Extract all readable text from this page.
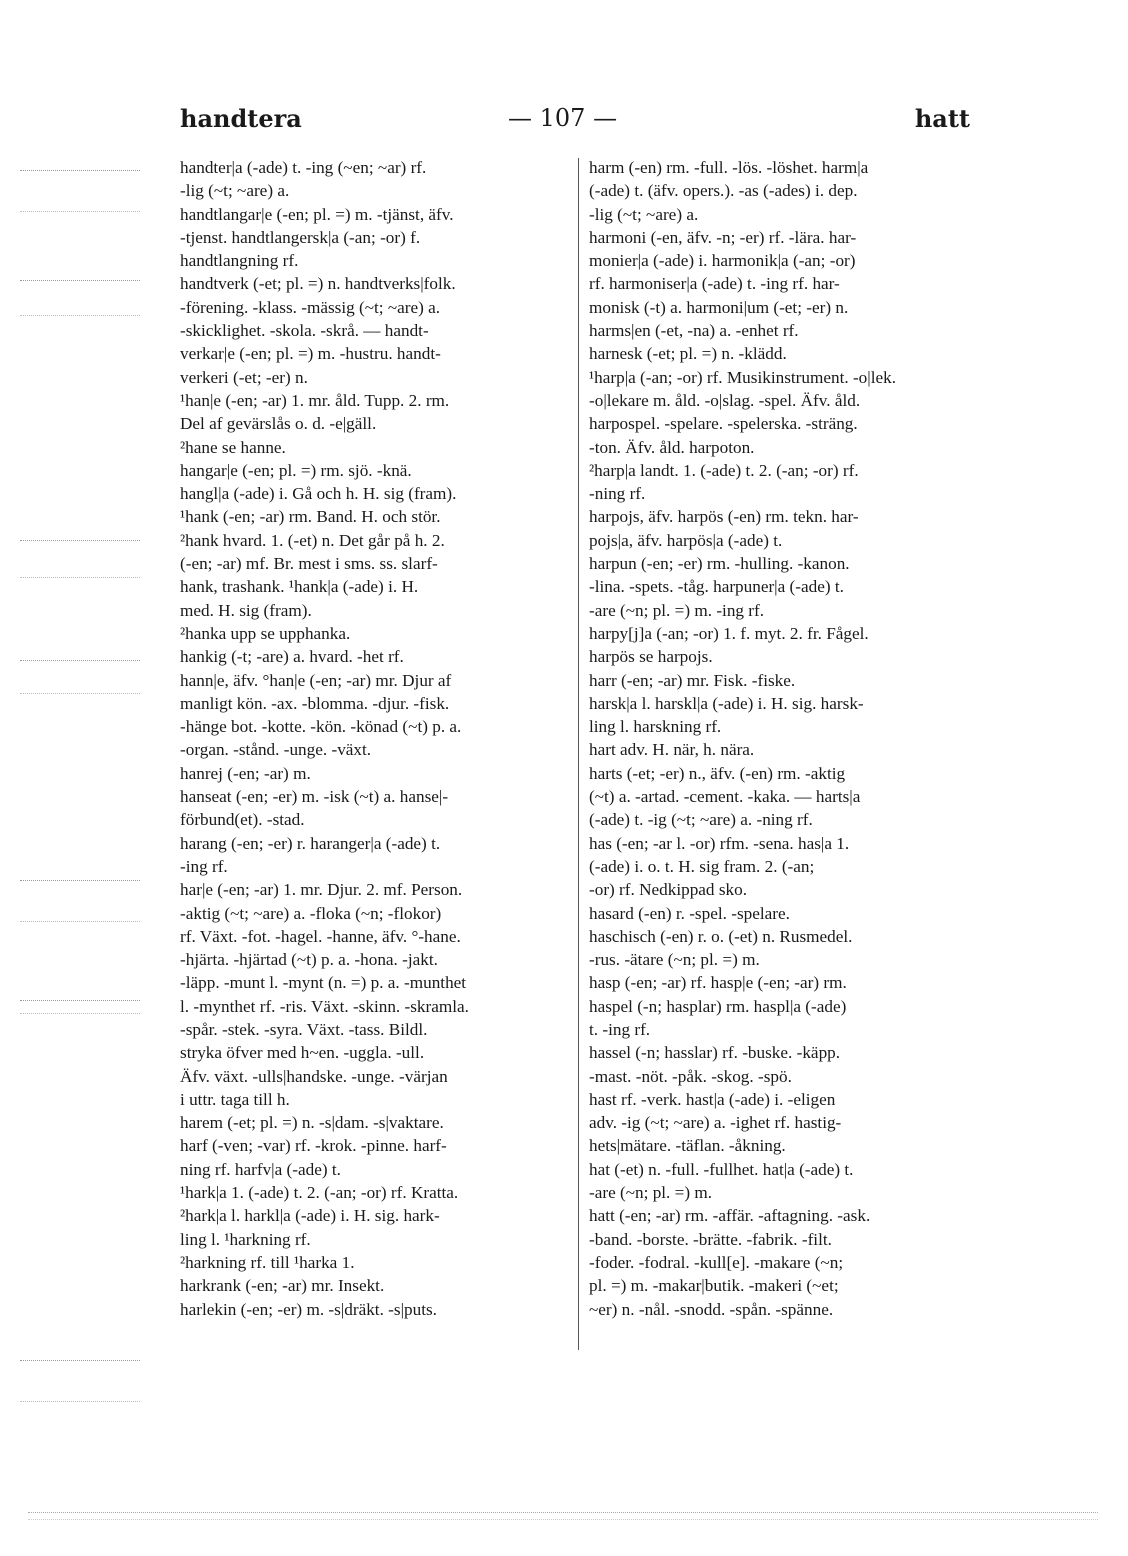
handtera	— 107 —	hatt
handter|a (-ade) t. -ing (~en; ~ar) rf.
-lig (~t; ~are) a.
handtlangar|e (-en; pl. =) m. -tjänst, äfv.
-tjenst. handtlangersk|a (-an; -or) f.
handtlangning rf.
handtverk (-et; pl. =) n. handtverks|folk.
-förening. -klass. -mässig (~t; ~are) a.
-skicklighet. -skola. -skrå. — handt-
verkar|e (-en; pl. =) m. -hustru. handt-
verkeri (-et; -er) n.
¹han|e (-en; -ar) 1. mr. åld. Tupp. 2. rm.
Del af gevärslås o. d. -e|gäll.
²hane se hanne.
hangar|e (-en; pl. =) rm. sjö. -knä.
hangl|a (-ade) i. Gå och h. H. sig (fram).
¹hank (-en; -ar) rm. Band. H. och stör.
²hank hvard. 1. (-et) n. Det går på h. 2.
(-en; -ar) mf. Br. mest i sms. ss. slarf-
hank, trashank. ¹hank|a (-ade) i. H.
med. H. sig (fram).
²hanka upp se upphanka.
hankig (-t; -are) a. hvard. -het rf.
hann|e, äfv. °han|e (-en; -ar) mr. Djur af
manligt kön. -ax. -blomma. -djur. -fisk.
-hänge bot. -kotte. -kön. -könad (~t) p. a.
-organ. -stånd. -unge. -växt.
hanrej (-en; -ar) m.
hanseat (-en; -er) m. -isk (~t) a. hanse|-
förbund(et). -stad.
harang (-en; -er) r. haranger|a (-ade) t.
-ing rf.
har|e (-en; -ar) 1. mr. Djur. 2. mf. Person.
-aktig (~t; ~are) a. -floka (~n; -flokor)
rf. Växt. -fot. -hagel. -hanne, äfv. °-hane.
-hjärta. -hjärtad (~t) p. a. -hona. -jakt.
-läpp. -munt l. -mynt (n. =) p. a. -munthet
l. -mynthet rf. -ris. Växt. -skinn. -skramla.
-spår. -stek. -syra. Växt. -tass. Bildl.
stryka öfver med h~en. -uggla. -ull.
Äfv. växt. -ulls|handske. -unge. -värjan
i uttr. taga till h.
harem (-et; pl. =) n. -s|dam. -s|vaktare.
harf (-ven; -var) rf. -krok. -pinne. harf-
ning rf. harfv|a (-ade) t.
¹hark|a 1. (-ade) t. 2. (-an; -or) rf. Kratta.
²hark|a l. harkl|a (-ade) i. H. sig. hark-
ling l. ¹harkning rf.
²harkning rf. till ¹harka 1.
harkrank (-en; -ar) mr. Insekt.
harlekin (-en; -er) m. -s|dräkt. -s|puts.
harm (-en) rm. -full. -lös. -löshet. harm|a
(-ade) t. (äfv. opers.). -as (-ades) i. dep.
-lig (~t; ~are) a.
harmoni (-en, äfv. -n; -er) rf. -lära. har-
monier|a (-ade) i. harmonik|a (-an; -or)
rf. harmoniser|a (-ade) t. -ing rf. har-
monisk (-t) a. harmoni|um (-et; -er) n.
harms|en (-et, -na) a. -enhet rf.
harnesk (-et; pl. =) n. -klädd.
¹harp|a (-an; -or) rf. Musikinstrument. -o|lek.
-o|lekare m. åld. -o|slag. -spel. Äfv. åld.
harpospel. -spelare. -spelerska. -sträng.
-ton. Äfv. åld. harpoton.
²harp|a landt. 1. (-ade) t. 2. (-an; -or) rf.
-ning rf.
harpojs, äfv. harpös (-en) rm. tekn. har-
pojs|a, äfv. harpös|a (-ade) t.
harpun (-en; -er) rm. -hulling. -kanon.
-lina. -spets. -tåg. harpuner|a (-ade) t.
-are (~n; pl. =) m. -ing rf.
harpy[j]a (-an; -or) 1. f. myt. 2. fr. Fågel.
harpös se harpojs.
harr (-en; -ar) mr. Fisk. -fiske.
harsk|a l. harskl|a (-ade) i. H. sig. harsk-
ling l. harskning rf.
hart adv. H. när, h. nära.
harts (-et; -er) n., äfv. (-en) rm. -aktig
(~t) a. -artad. -cement. -kaka. — harts|a
(-ade) t. -ig (~t; ~are) a. -ning rf.
has (-en; -ar l. -or) rfm. -sena. has|a 1.
(-ade) i. o. t. H. sig fram. 2. (-an;
-or) rf. Nedkippad sko.
hasard (-en) r. -spel. -spelare.
haschisch (-en) r. o. (-et) n. Rusmedel.
-rus. -ätare (~n; pl. =) m.
hasp (-en; -ar) rf. hasp|e (-en; -ar) rm.
haspel (-n; hasplar) rm. haspl|a (-ade)
t. -ing rf.
hassel (-n; hasslar) rf. -buske. -käpp.
-mast. -nöt. -påk. -skog. -spö.
hast rf. -verk. hast|a (-ade) i. -eligen
adv. -ig (~t; ~are) a. -ighet rf. hastig-
hets|mätare. -täflan. -åkning.
hat (-et) n. -full. -fullhet. hat|a (-ade) t.
-are (~n; pl. =) m.
hatt (-en; -ar) rm. -affär. -aftagning. -ask.
-band. -borste. -brätte. -fabrik. -filt.
-foder. -fodral. -kull[e]. -makare (~n;
pl. =) m. -makar|butik. -makeri (~et;
~er) n. -nål. -snodd. -spån. -spänne.
